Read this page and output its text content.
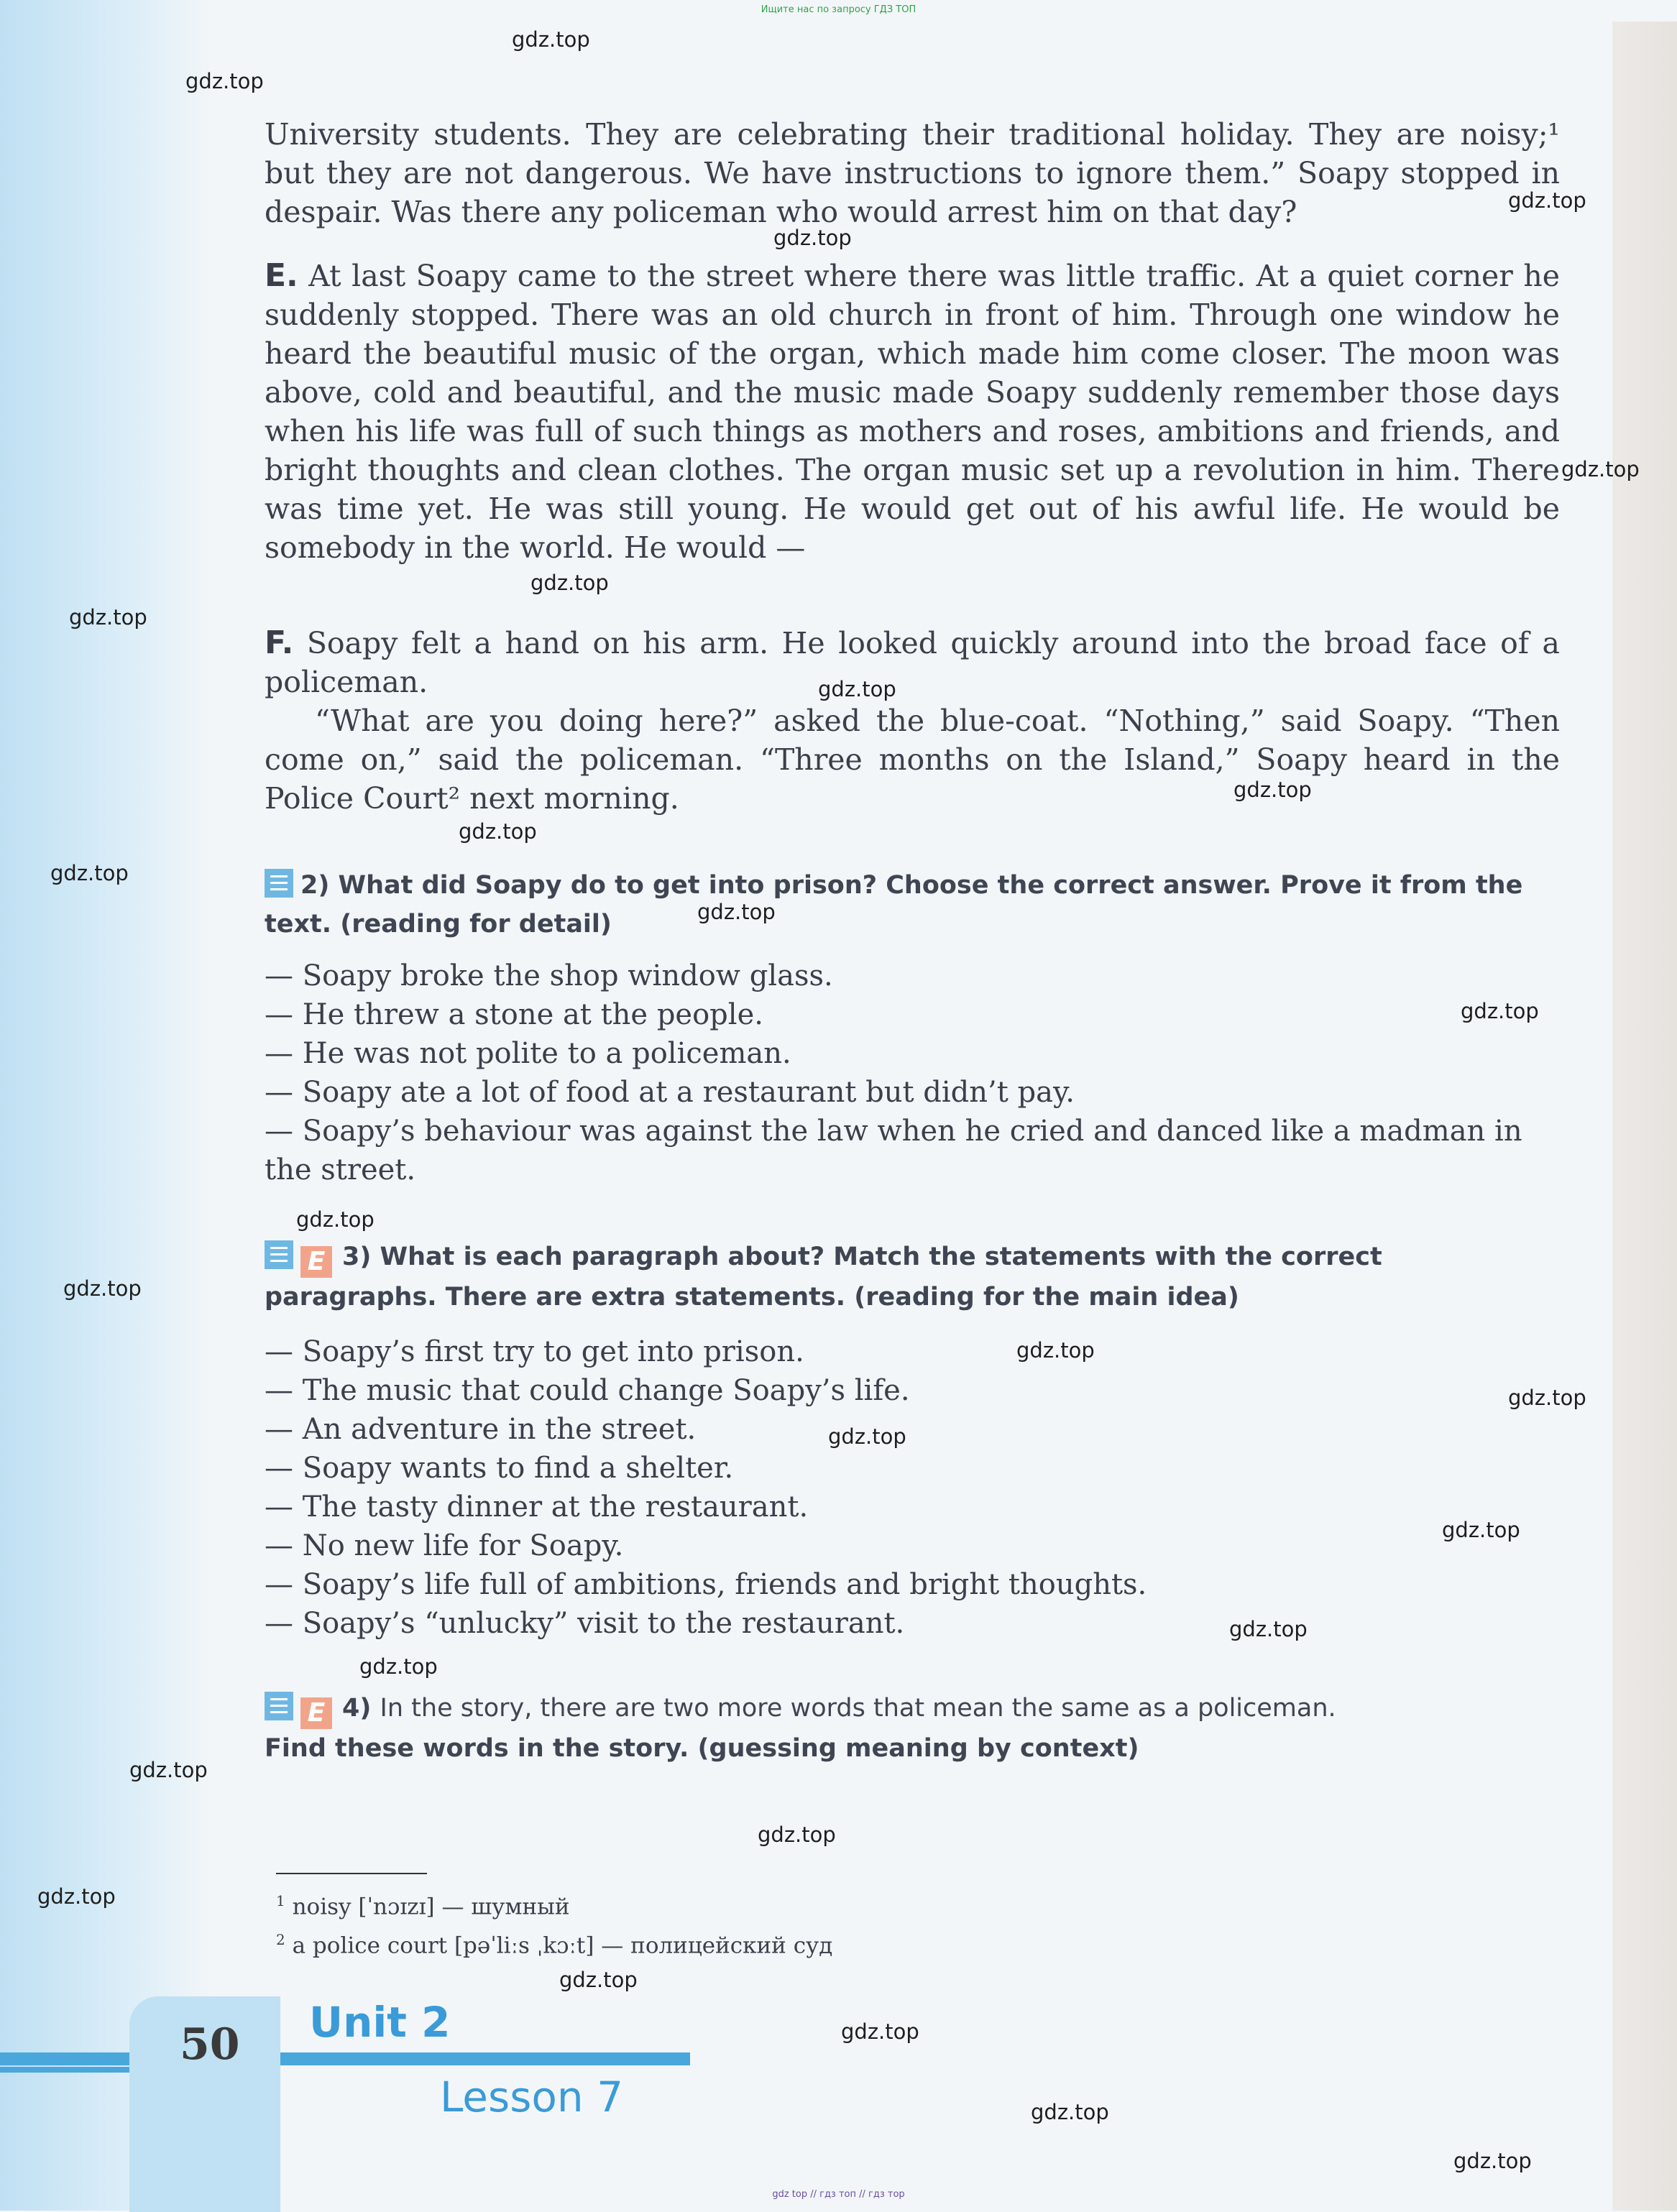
Ищите нас по запросу ГДЗ ТОП

University students. They are celebrating their traditional holiday. They are noisy;¹ but they are not dangerous. We have instructions to ignore them.” Soapy stopped in despair. Was there any policeman who would arrest him on that day?

E. At last Soapy came to the street where there was little traffic. At a quiet corner he suddenly stopped. There was an old church in front of him. Through one window he heard the beautiful music of the organ, which made him come closer. The moon was above, cold and beautiful, and the music made Soapy suddenly remember those days when his life was full of such things as mothers and roses, ambitions and friends, and bright thoughts and clean clothes. The organ music set up a revolution in him. There was time yet. He was still young. He would get out of his awful life. He would be somebody in the world. He would —

F. Soapy felt a hand on his arm. He looked quickly around into the broad face of a policeman.

“What are you doing here?” asked the blue-coat. “Nothing,” said Soapy. “Then come on,” said the policeman. “Three months on the Island,” Soapy heard in the Police Court² next morning.

2) What did Soapy do to get into prison? Choose the correct answer. Prove it from the text. (reading for detail)

— Soapy broke the shop window glass.
— He threw a stone at the people.
— He was not polite to a policeman.
— Soapy ate a lot of food at a restaurant but didn’t pay.
— Soapy’s behaviour was against the law when he cried and danced like a madman in the street.

E 3) What is each paragraph about? Match the statements with the correct paragraphs. There are extra statements. (reading for the main idea)

— Soapy’s first try to get into prison.
— The music that could change Soapy’s life.
— An adventure in the street.
— Soapy wants to find a shelter.
— The tasty dinner at the restaurant.
— No new life for Soapy.
— Soapy’s life full of ambitions, friends and bright thoughts.
— Soapy’s “unlucky” visit to the restaurant.

E 4) In the story, there are two more words that mean the same as a policeman.

Find these words in the story. (guessing meaning by context)

$^1$ noisy [ˈnɔɪzɪ] — шумный
$^2$ a police court [pəˈliːs ˌkɔːt] — полицейский суд
50 Unit 2
Lesson 7
gdz.top
gdz.top
gdz.top
gdz.top
gdz.top
gdz.top
gdz.top
gdz.top
gdz.top
gdz.top
gdz.top
gdz.top
gdz.top
gdz.top
gdz.top
gdz.top
gdz.top
gdz.top
gdz.top
gdz.top
gdz.top
gdz.top
gdz.top
gdz.top
gdz.top
gdz.top
gdz.top
gdz.top
gdz top // гдз топ // гдз тор
